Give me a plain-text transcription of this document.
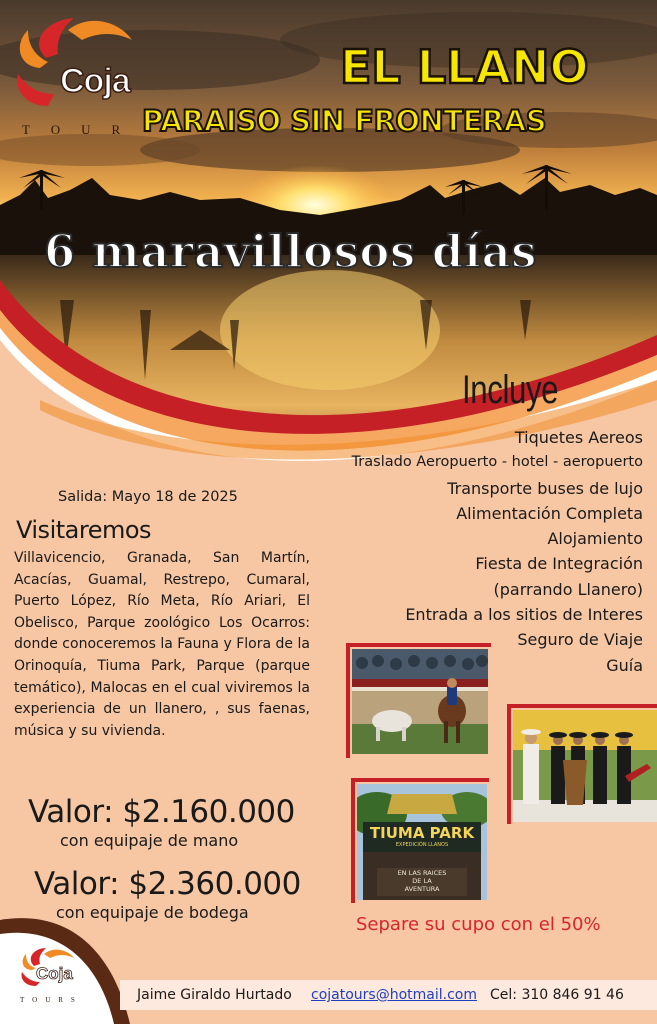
Coja
TOUR
EL LLANO
PARAISO SIN FRONTERAS
6 maravillosos días
Incluye
Tiquetes Aereos
Traslado Aeropuerto - hotel - aeropuerto
Transporte buses de lujo
Alimentación Completa
Alojamiento
Fiesta de Integración
(parrando Llanero)
Entrada a los sitios de Interes
Seguro de Viaje
Guía
Salida: Mayo 18 de 2025
Visitaremos

Villavicencio, Granada, San Martín, Acacías, Guamal, Restrepo, Cumaral, Puerto López, Río Meta, Río Ariari, El Obelisco, Parque zoológico Los Ocarros: donde conoceremos la Fauna y Flora de la Orinoquía, Tiuma Park, Parque (parque temático), Malocas en el cual viviremos la experiencia de un llanero, , sus faenas, música y su vivienda.

Valor: $2.160.000
con equipaje de mano
Valor: $2.360.000
con equipaje de bodega
TIUMA PARK
EXPEDICIÓN LLANOS
EN LAS RAICES
DE LA
AVENTURA
Separe su cupo con el 50%
Coja
TOURS	Jaime Giraldo Hurtado cojatours@hotmail.com Cel: 310 846 91 46
